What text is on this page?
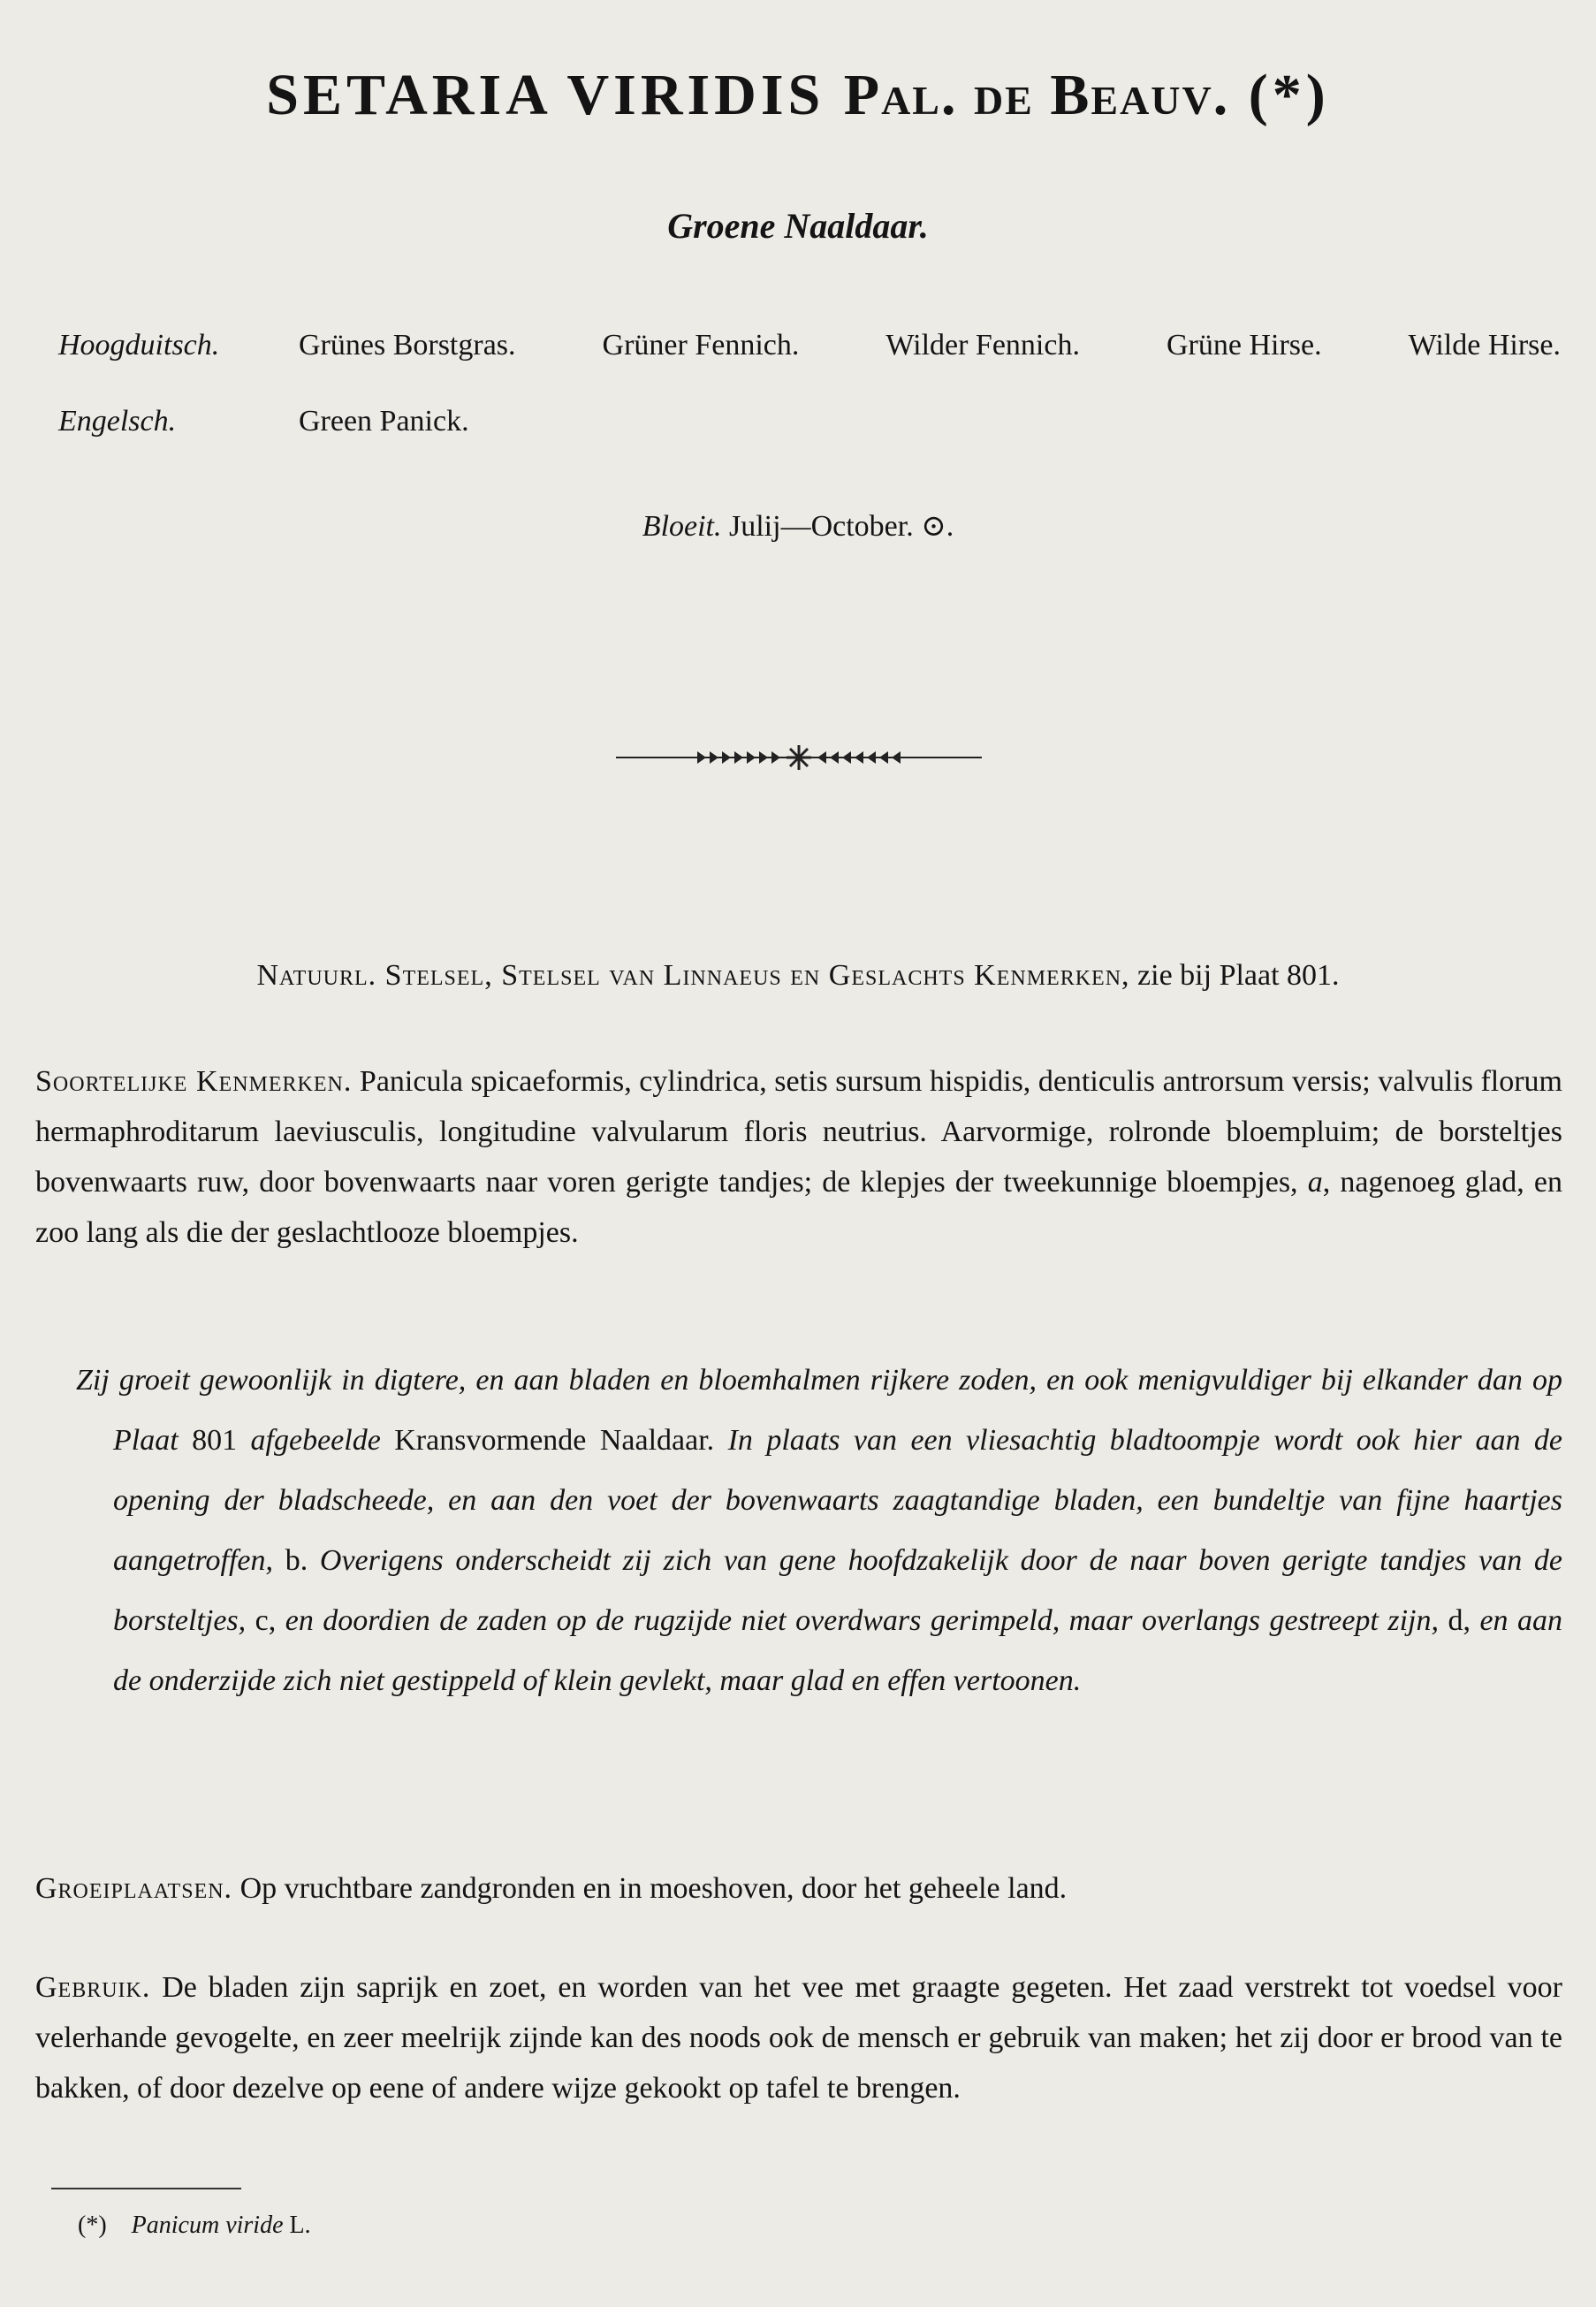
SETARIA VIRIDIS Pal. de Beauv. (*)
Groene Naaldaar.
Hoogduitsch.	Grünes Borstgras.	Grüner Fennich.	Wilder Fennich.	Grüne Hirse.	Wilde Hirse.
Engelsch.	Green Panick.
Bloeit. Julij—October. ⊙.
Natuurl. Stelsel, Stelsel van Linnaeus en Geslachts Kenmerken, zie bij Plaat 801.
Soortelijke Kenmerken. Panicula spicaeformis, cylindrica, setis sursum hispidis, denticulis antrorsum versis; valvulis florum hermaphroditarum laeviusculis, longitudine valvularum floris neutrius. Aarvormige, rolronde bloempluim; de borsteltjes bovenwaarts ruw, door bovenwaarts naar voren gerigte tandjes; de klepjes der tweekunnige bloempjes, a, nagenoeg glad, en zoo lang als die der geslachtlooze bloempjes.
Zij groeit gewoonlijk in digtere, en aan bladen en bloemhalmen rijkere zoden, en ook menigvuldiger bij elkander dan op Plaat 801 afgebeelde Kransvormende Naaldaar. In plaats van een vliesachtig bladtoompje wordt ook hier aan de opening der bladscheede, en aan den voet der bovenwaarts zaagtandige bladen, een bundeltje van fijne haartjes aangetroffen, b. Overigens onderscheidt zij zich van gene hoofdzakelijk door de naar boven gerigte tandjes van de borsteltjes, c, en doordien de zaden op de rugzijde niet overdwars gerimpeld, maar overlangs gestreept zijn, d, en aan de onderzijde zich niet gestippeld of klein gevlekt, maar glad en effen vertoonen.
Groeiplaatsen. Op vruchtbare zandgronden en in moeshoven, door het geheele land.
Gebruik. De bladen zijn saprijk en zoet, en worden van het vee met graagte gegeten. Het zaad verstrekt tot voedsel voor velerhande gevogelte, en zeer meelrijk zijnde kan des noods ook de mensch er gebruik van maken; het zij door er brood van te bakken, of door dezelve op eene of andere wijze gekookt op tafel te brengen.
(*) Panicum viride L.
